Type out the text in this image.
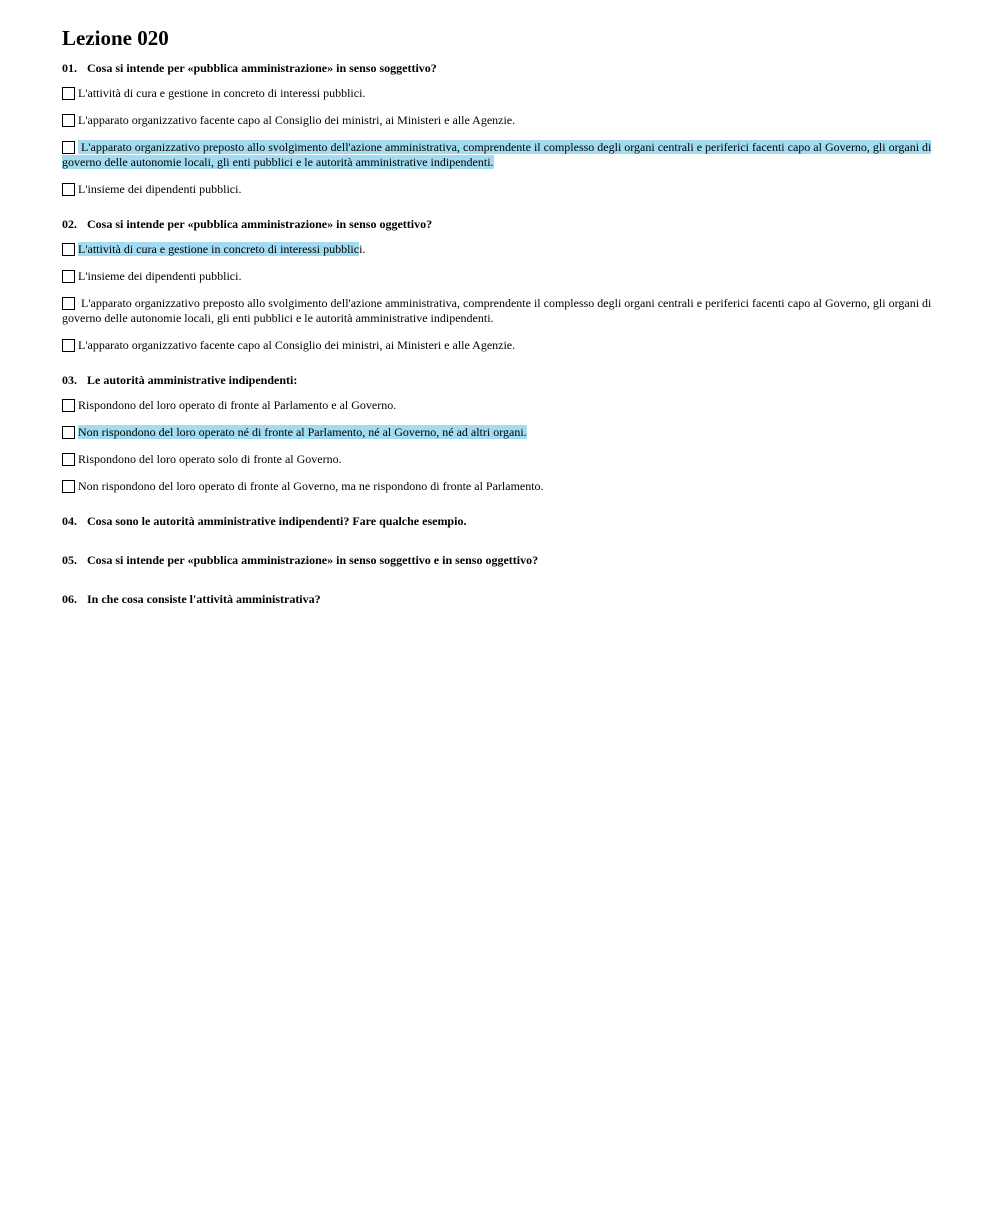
Lezione 020
01. Cosa si intende per «pubblica amministrazione» in senso soggettivo?
L'attività di cura e gestione in concreto di interessi pubblici.
L'apparato organizzativo facente capo al Consiglio dei ministri, ai Ministeri e alle Agenzie.
L'apparato organizzativo preposto allo svolgimento dell'azione amministrativa, comprendente il complesso degli organi centrali e periferici facenti capo al Governo, gli organi di governo delle autonomie locali, gli enti pubblici e le autorità amministrative indipendenti.
L'insieme dei dipendenti pubblici.
02. Cosa si intende per «pubblica amministrazione» in senso oggettivo?
L'attività di cura e gestione in concreto di interessi pubblici.
L'insieme dei dipendenti pubblici.
L'apparato organizzativo preposto allo svolgimento dell'azione amministrativa, comprendente il complesso degli organi centrali e periferici facenti capo al Governo, gli organi di governo delle autonomie locali, gli enti pubblici e le autorità amministrative indipendenti.
L'apparato organizzativo facente capo al Consiglio dei ministri, ai Ministeri e alle Agenzie.
03. Le autorità amministrative indipendenti:
Rispondono del loro operato di fronte al Parlamento e al Governo.
Non rispondono del loro operato né di fronte al Parlamento, né al Governo, né ad altri organi.
Rispondono del loro operato solo di fronte al Governo.
Non rispondono del loro operato di fronte al Governo, ma ne rispondono di fronte al Parlamento.
04. Cosa sono le autorità amministrative indipendenti? Fare qualche esempio.
05. Cosa si intende per «pubblica amministrazione» in senso soggettivo e in senso oggettivo?
06. In che cosa consiste l'attività amministrativa?
